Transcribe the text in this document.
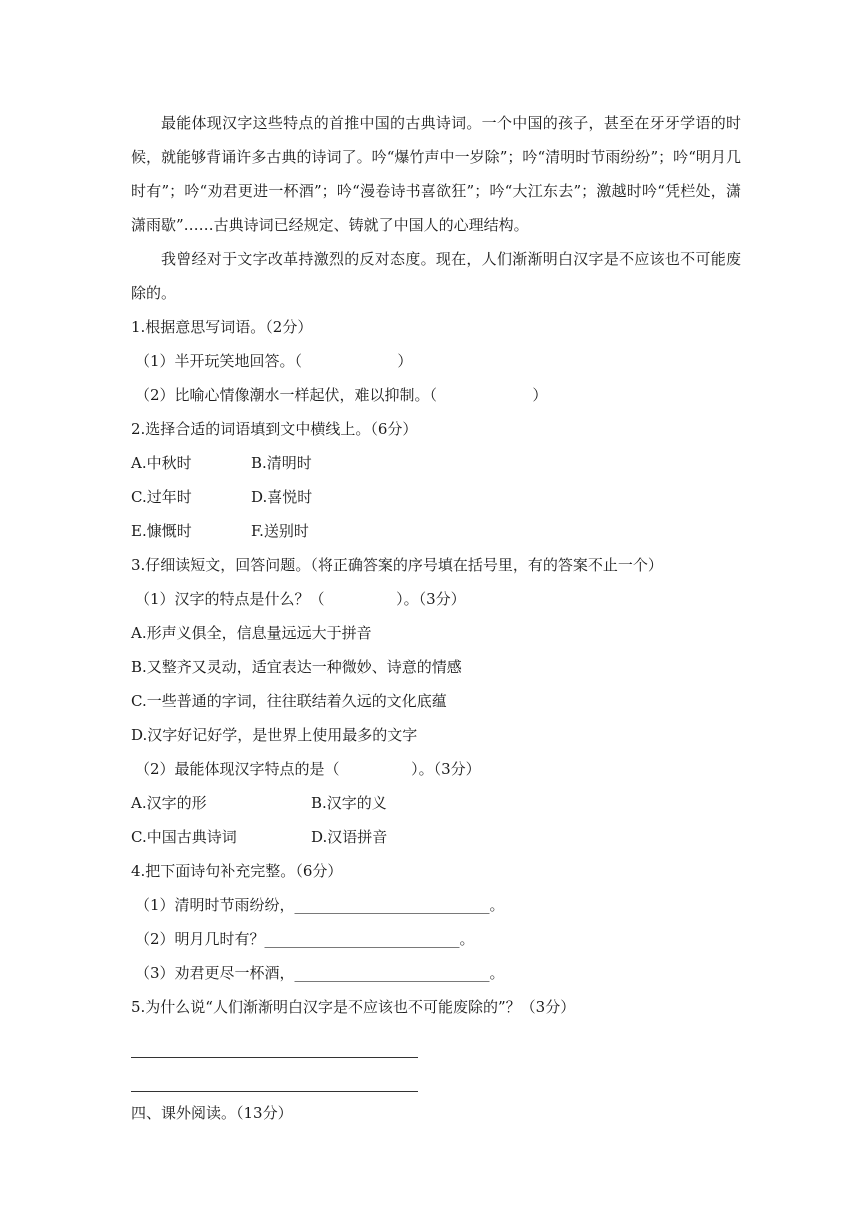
最能体现汉字这些特点的首推中国的古典诗词。一个中国的孩子，甚至在牙牙学语的时候，就能够背诵许多古典的诗词了。吟“爆竹声中一岁除”；吟“清明时节雨纷纷”；吟“明月几时有”；吟“劝君更进一杯酒”；吟“漫卷诗书喜欲狂”；吟“大江东去”；激越时吟“凭栏处，潇潇雨歇”……古典诗词已经规定、铸就了中国人的心理结构。

我曾经对于文字改革持激烈的反对态度。现在，人们渐渐明白汉字是不应该也不可能废除的。

1.根据意思写词语。（2分）
（1）半开玩笑地回答。（                    ）
（2）比喻心情像潮水一样起伏，难以抑制。（                    ）
2.选择合适的词语填到文中横线上。（6分）
A.中秋时	B.清明时
C.过年时	D.喜悦时
E.慷慨时	F.送别时
3.仔细读短文，回答问题。（将正确答案的序号填在括号里，有的答案不止一个）
（1）汉字的特点是什么？（               ）。（3分）
A.形声义俱全，信息量远远大于拼音
B.又整齐又灵动，适宜表达一种微妙、诗意的情感
C.一些普通的字词，往往联结着久远的文化底蕴
D.汉字好记好学，是世界上使用最多的文字
（2）最能体现汉字特点的是（               ）。（3分）
A.汉字的形	B.汉字的义
C.中国古典诗词	D.汉语拼音
4.把下面诗句补充完整。（6分）
（1）清明时节雨纷纷，__________________________。
（2）明月几时有？__________________________。
（3）劝君更尽一杯酒，__________________________。
5.为什么说“人们渐渐明白汉字是不应该也不可能废除的”？（3分）
四、课外阅读。（13分）
